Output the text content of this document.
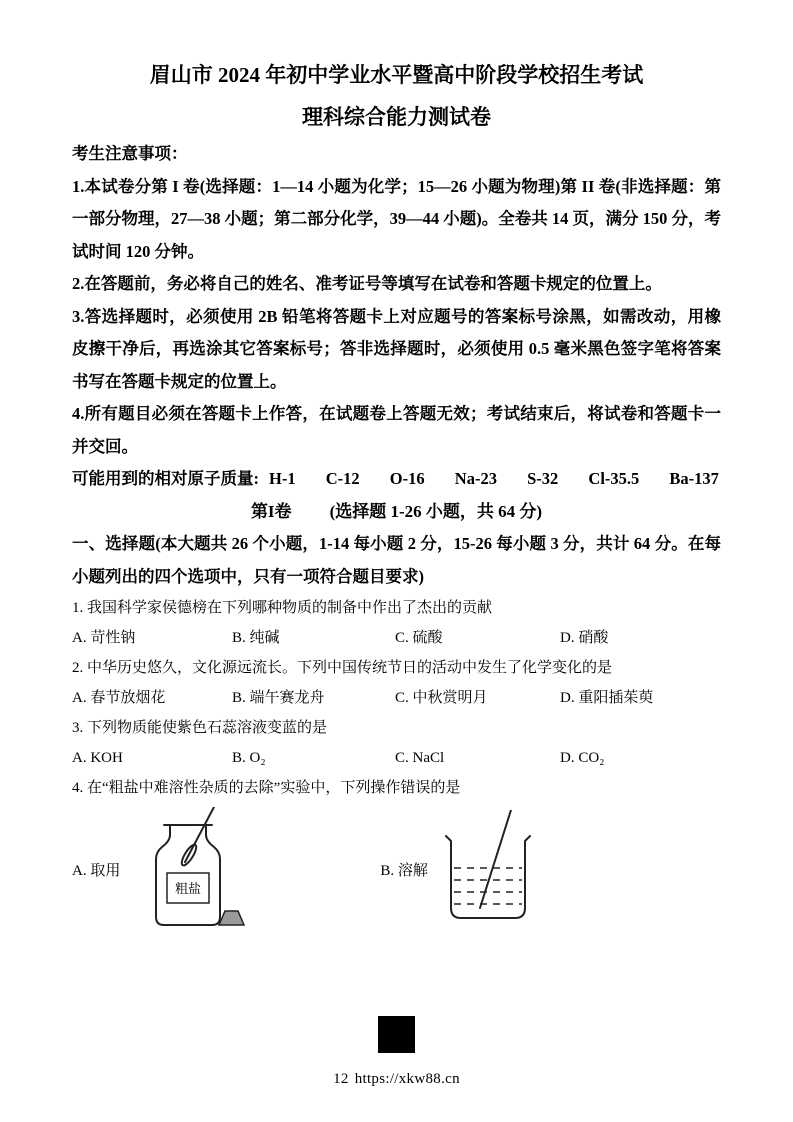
眉山市 2024 年初中学业水平暨高中阶段学校招生考试
理科综合能力测试卷

考生注意事项：

1.本试卷分第 I 卷(选择题：1—14 小题为化学；15—26 小题为物理)第 II 卷(非选择题：第一部分物理，27—38 小题；第二部分化学，39—44 小题)。全卷共 14 页，满分 150 分，考试时间 120 分钟。

2.在答题前，务必将自己的姓名、准考证号等填写在试卷和答题卡规定的位置上。

3.答选择题时，必须使用 2B 铅笔将答题卡上对应题号的答案标号涂黑，如需改动，用橡皮擦干净后，再选涂其它答案标号；答非选择题时，必须使用 0.5 毫米黑色签字笔将答案书写在答题卡规定的位置上。

4.所有题目必须在答题卡上作答，在试题卷上答题无效；考试结束后，将试卷和答题卡一并交回。

可能用到的相对原子质量: H-1 C-12 O-16 Na-23 S-32 Cl-35.5 Ba-137
第I卷 (选择题 1-26 小题，共 64 分)

一、选择题(本大题共 26 个小题，1-14 每小题 2 分，15-26 每小题 3 分，共计 64 分。在每小题列出的四个选项中，只有一项符合题目要求)

1. 我国科学家侯德榜在下列哪种物质的制备中作出了杰出的贡献

A. 苛性钠	B. 纯碱	C. 硫酸	D. 硝酸

2. 中华历史悠久，文化源远流长。下列中国传统节日的活动中发生了化学变化的是

A. 春节放烟花	B. 端午赛龙舟	C. 中秋赏明月	D. 重阳插茱萸

3. 下列物质能使紫色石蕊溶液变蓝的是

A. KOH	B. O₂	C. NaCl	D. CO₂

4. 在“粗盐中难溶性杂质的去除”实验中，下列操作错误的是

A. 取用
粗盐
B. 溶解
12 https://xkw88.cn
